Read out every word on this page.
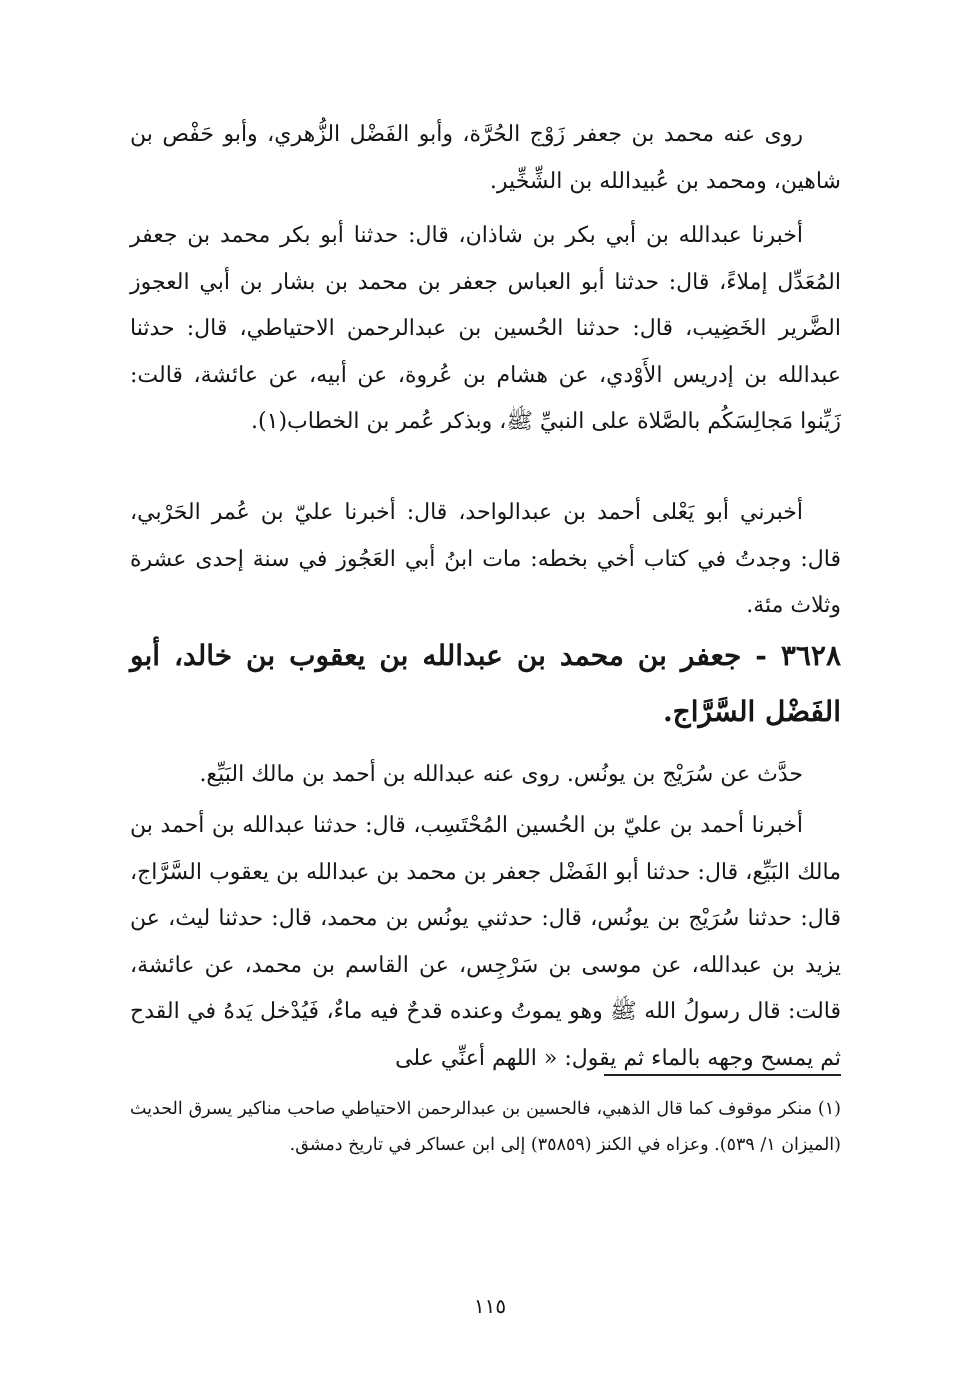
روى عنه محمد بن جعفر زَوْج الحُرَّة، وأبو الفَضْل الزُّهري، وأبو حَفْص بن شاهين، ومحمد بن عُبيدالله بن الشِّخِّير.

أخبرنا عبدالله بن أبي بكر بن شاذان، قال: حدثنا أبو بكر محمد بن جعفر المُعَدِّل إملاءً، قال: حدثنا أبو العباس جعفر بن محمد بن بشار بن أبي العجوز الضَّرير الخَضِيب، قال: حدثنا الحُسين بن عبدالرحمن الاحتياطي، قال: حدثنا عبدالله بن إدريس الأَوْدي، عن هشام بن عُروة، عن أبيه، عن عائشة، قالت: زَيِّنوا مَجالِسَكُم بالصَّلاة على النبيِّ ﷺ، وبذكر عُمر بن الخطاب(١).

أخبرني أبو يَعْلى أحمد بن عبدالواحد، قال: أخبرنا عليّ بن عُمر الحَرْبي، قال: وجدتُ في كتاب أخي بخطه: مات ابنُ أبي العَجُوز في سنة إحدى عشرة وثلاث مئة.

٣٦٢٨ - جعفر بن محمد بن عبدالله بن يعقوب بن خالد، أبو الفَضْل السَّرَّاج.

حدَّث عن سُرَيْج بن يونُس. روى عنه عبدالله بن أحمد بن مالك البَيِّع.

أخبرنا أحمد بن عليّ بن الحُسين المُحْتَسِب، قال: حدثنا عبدالله بن أحمد بن مالك البَيِّع، قال: حدثنا أبو الفَضْل جعفر بن محمد بن عبدالله بن يعقوب السَّرَّاج، قال: حدثنا سُرَيْج بن يونُس، قال: حدثني يونُس بن محمد، قال: حدثنا ليث، عن يزيد بن عبدالله، عن موسى بن سَرْجِس، عن القاسم بن محمد، عن عائشة، قالت: قال رسولُ الله ﷺ وهو يموتُ وعنده قدحٌ فيه ماءٌ، فَيُدْخل يَدهُ في القدح ثم يمسح وجهه بالماء ثم يقول: « اللهم أعنِّي على

(١) منكر موقوف كما قال الذهبي، فالحسين بن عبدالرحمن الاحتياطي صاحب مناكير يسرق الحديث (الميزان ١/ ٥٣٩). وعزاه في الكنز (٣٥٨٥٩) إلى ابن عساكر في تاريخ دمشق.

١١٥
